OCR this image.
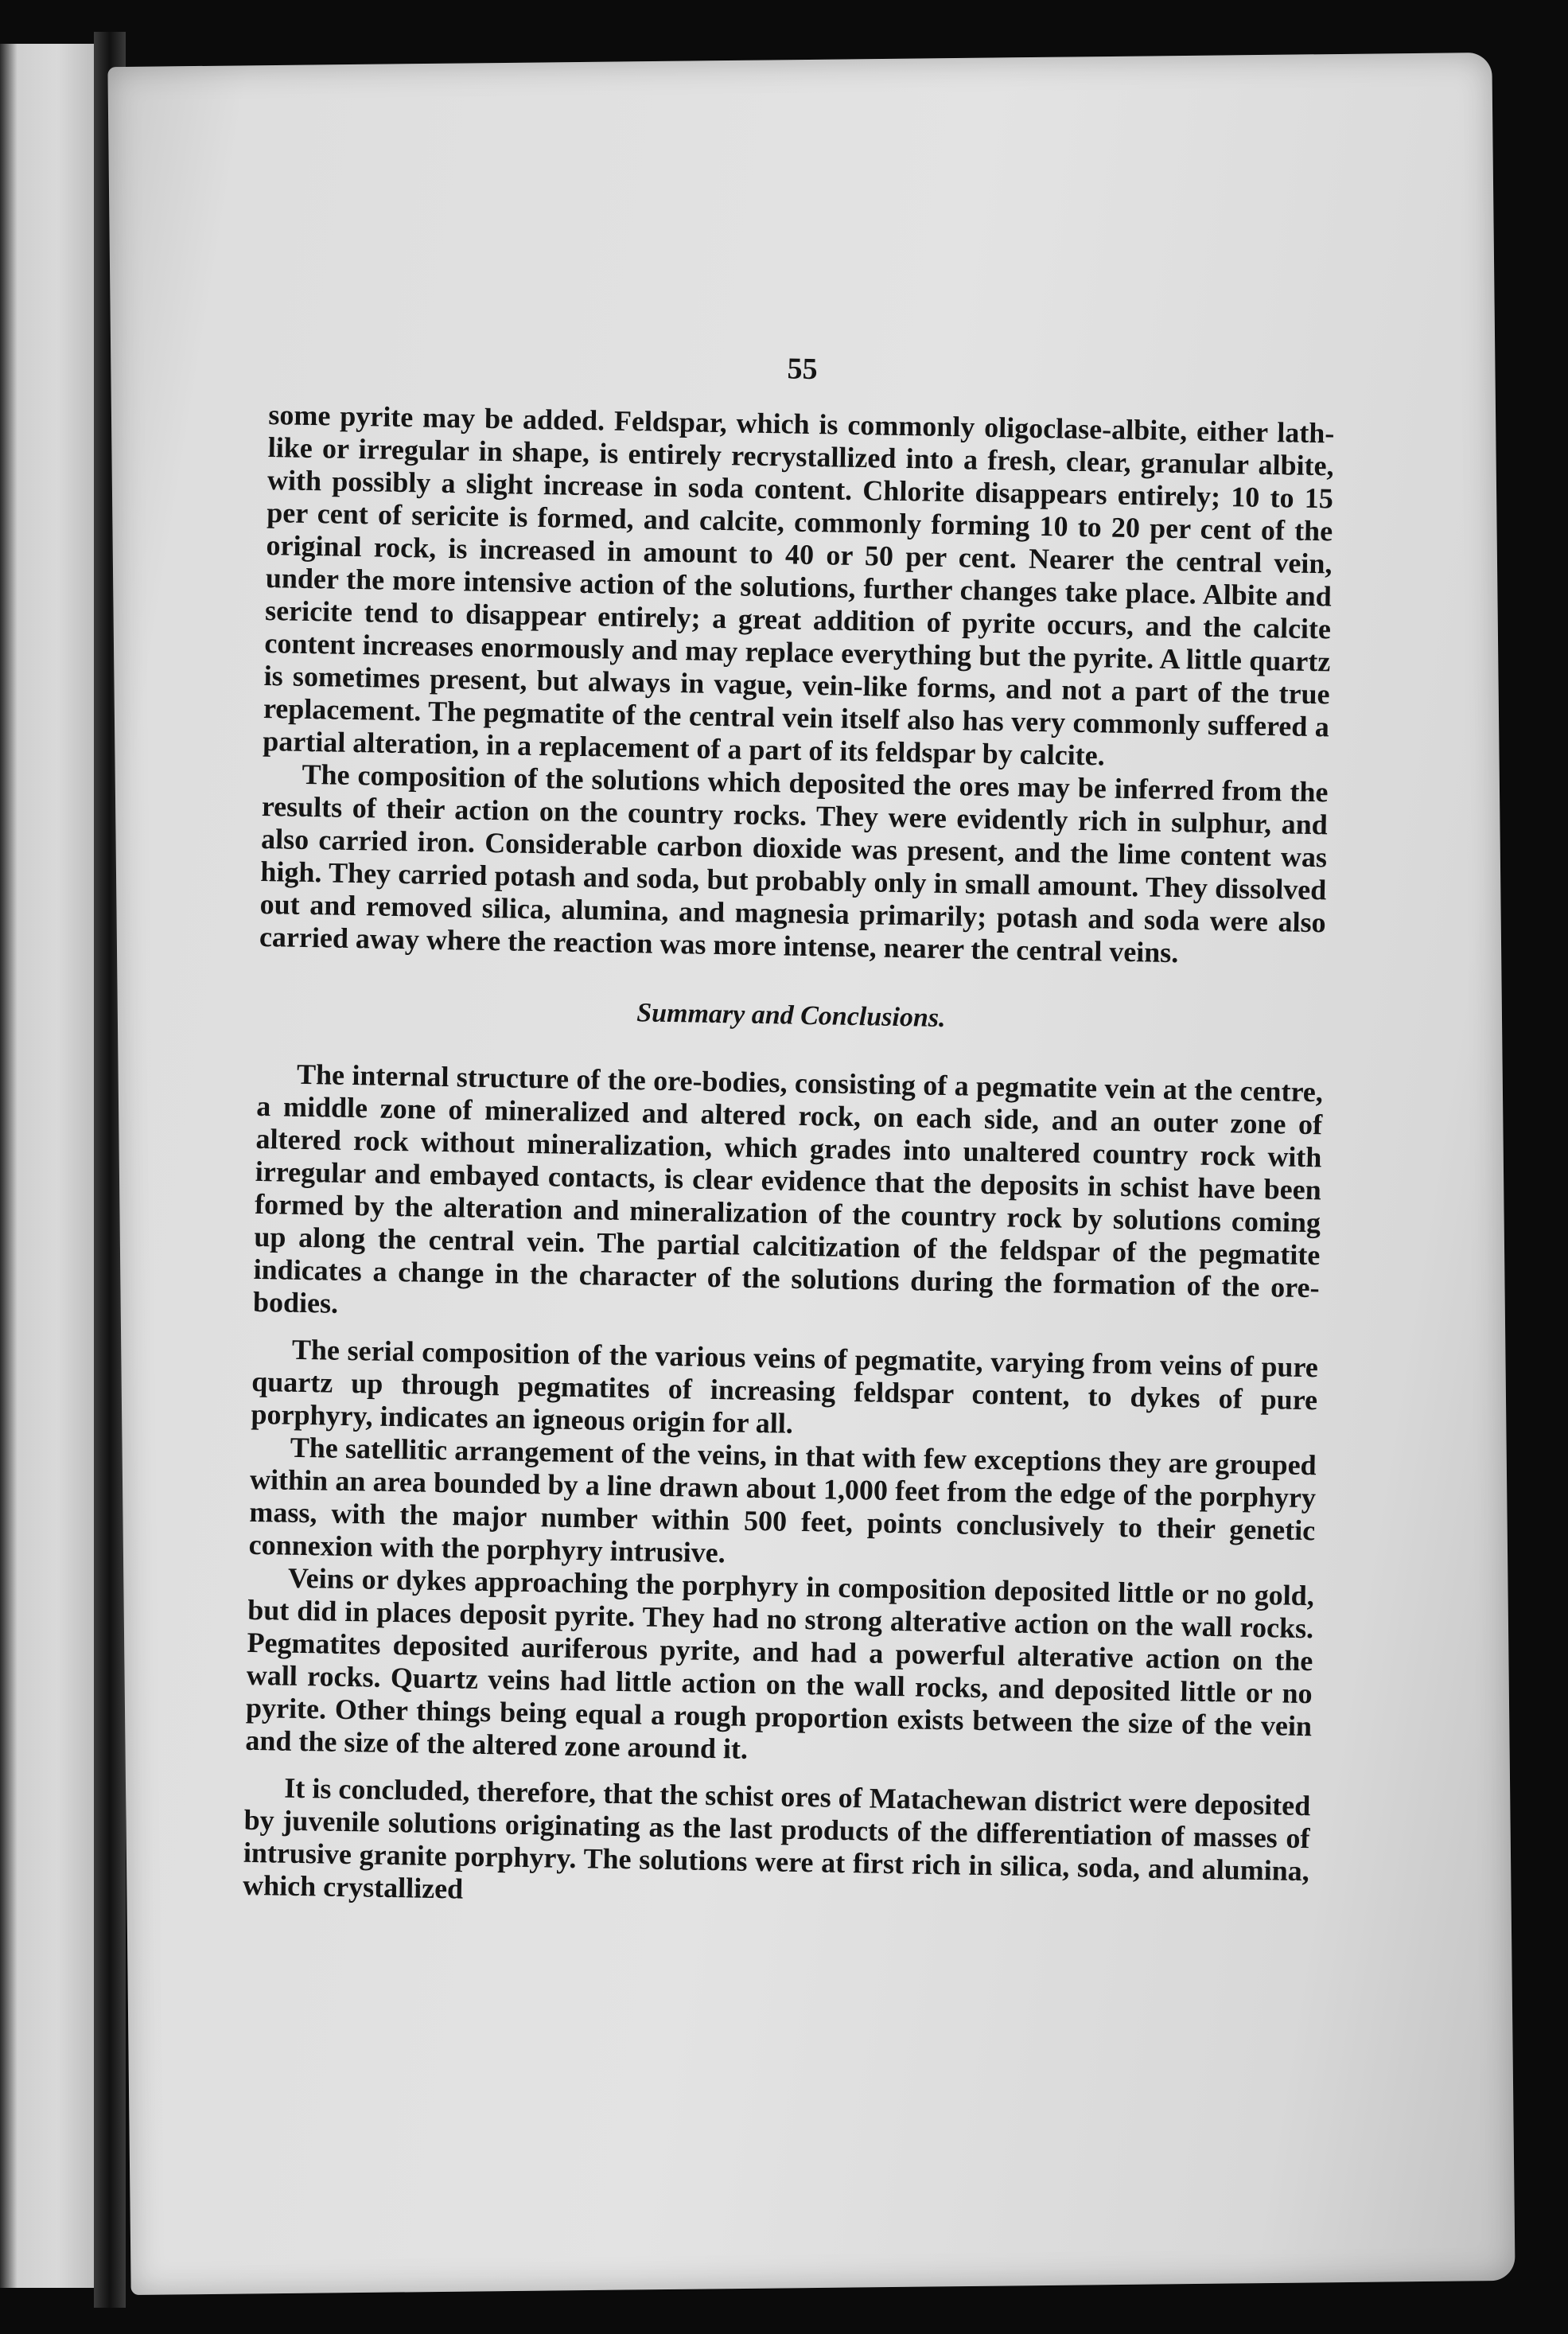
55

some pyrite may be added. Feldspar, which is commonly oligoclase-albite, either lath-like or irregular in shape, is entirely recrystallized into a fresh, clear, granular albite, with possibly a slight increase in soda content. Chlorite disappears entirely; 10 to 15 per cent of sericite is formed, and calcite, commonly forming 10 to 20 per cent of the original rock, is increased in amount to 40 or 50 per cent. Nearer the central vein, under the more intensive action of the solutions, further changes take place. Albite and sericite tend to disappear entirely; a great addition of pyrite occurs, and the calcite content increases enormously and may replace everything but the pyrite. A little quartz is sometimes present, but always in vague, vein-like forms, and not a part of the true replacement. The pegmatite of the central vein itself also has very commonly suffered a partial alteration, in a replacement of a part of its feldspar by calcite.

The composition of the solutions which deposited the ores may be inferred from the results of their action on the country rocks. They were evidently rich in sulphur, and also carried iron. Considerable carbon dioxide was present, and the lime content was high. They carried potash and soda, but probably only in small amount. They dissolved out and removed silica, alumina, and magnesia primarily; potash and soda were also carried away where the reaction was more intense, nearer the central veins.

Summary and Conclusions.

The internal structure of the ore-bodies, consisting of a pegmatite vein at the centre, a middle zone of mineralized and altered rock, on each side, and an outer zone of altered rock without mineralization, which grades into unaltered country rock with irregular and embayed contacts, is clear evidence that the deposits in schist have been formed by the alteration and mineralization of the country rock by solutions coming up along the central vein. The partial calcitization of the feldspar of the pegmatite indicates a change in the character of the solutions during the formation of the ore-bodies.

The serial composition of the various veins of pegmatite, varying from veins of pure quartz up through pegmatites of increasing feldspar content, to dykes of pure porphyry, indicates an igneous origin for all.

The satellitic arrangement of the veins, in that with few exceptions they are grouped within an area bounded by a line drawn about 1,000 feet from the edge of the porphyry mass, with the major number within 500 feet, points conclusively to their genetic connexion with the porphyry intrusive.

Veins or dykes approaching the porphyry in composition deposited little or no gold, but did in places deposit pyrite. They had no strong alterative action on the wall rocks. Pegmatites deposited auriferous pyrite, and had a powerful alterative action on the wall rocks. Quartz veins had little action on the wall rocks, and deposited little or no pyrite. Other things being equal a rough proportion exists between the size of the vein and the size of the altered zone around it.

It is concluded, therefore, that the schist ores of Matachewan district were deposited by juvenile solutions originating as the last products of the differentiation of masses of intrusive granite porphyry. The solutions were at first rich in silica, soda, and alumina, which crystallized
